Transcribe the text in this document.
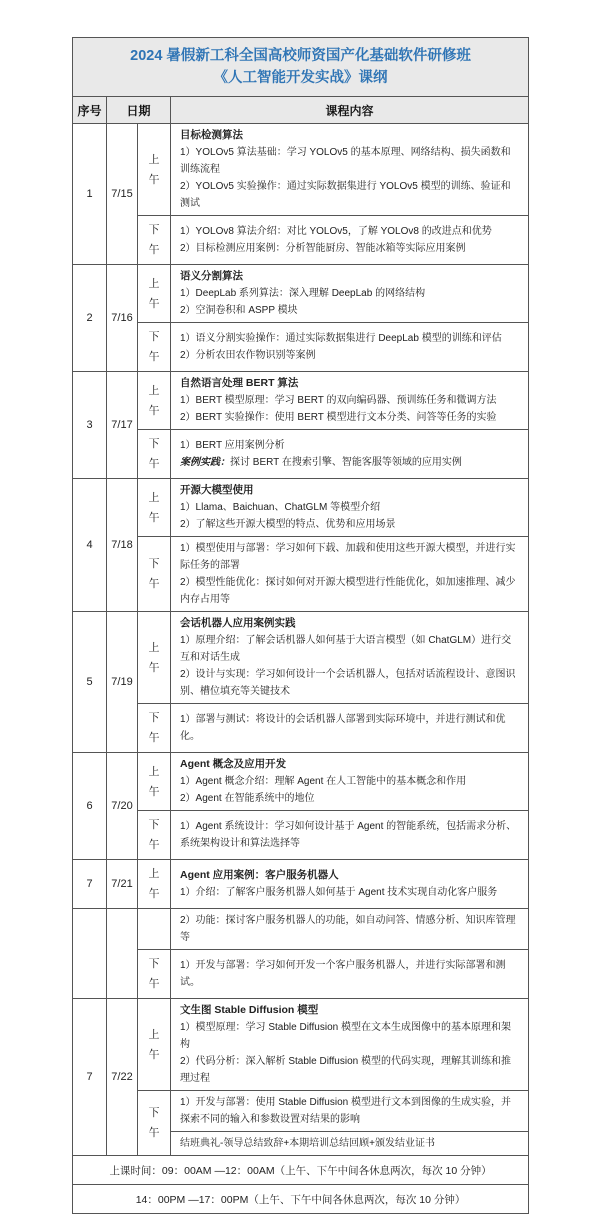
2024 暑假新工科全国高校师资国产化基础软件研修班
《人工智能开发实战》课纲			

序号	日期		课程内容
1	7/15	上午	目标检测算法
1）YOLOv5 算法基础：学习 YOLOv5 的基本原理、网络结构、损失函数和训练流程
2）YOLOv5 实验操作：通过实际数据集进行 YOLOv5 模型的训练、验证和测试

		下午	1）YOLOv8 算法介绍：对比 YOLOv5，了解 YOLOv8 的改进点和优势
2）目标检测应用案例：分析智能厨房、智能冰箱等实际应用案例

2	7/16	上午	语义分割算法
1）DeepLab 系列算法：深入理解 DeepLab 的网络结构
2）空洞卷积和 ASPP 模块

		下午	1）语义分割实验操作：通过实际数据集进行 DeepLab 模型的训练和评估
2）分析农田农作物识别等案例

3	7/17	上午	自然语言处理 BERT 算法
1）BERT 模型原理：学习 BERT 的双向编码器、预训练任务和微调方法
2）BERT 实验操作：使用 BERT 模型进行文本分类、问答等任务的实验

		下午	1）BERT 应用案例分析
案例实践：探讨 BERT 在搜索引擎、智能客服等领域的应用实例

4	7/18	上午	开源大模型使用
1）Llama、Baichuan、ChatGLM 等模型介绍
2）了解这些开源大模型的特点、优势和应用场景

		下午	1）模型使用与部署：学习如何下载、加载和使用这些开源大模型，并进行实际任务的部署
2）模型性能优化：探讨如何对开源大模型进行性能优化，如加速推理、减少内存占用等

5	7/19	上午	会话机器人应用案例实践
1）原理介绍：了解会话机器人如何基于大语言模型（如 ChatGLM）进行交互和对话生成
2）设计与实现：学习如何设计一个会话机器人，包括对话流程设计、意图识别、槽位填充等关键技术

		下午	1）部署与测试：将设计的会话机器人部署到实际环境中，并进行测试和优化。

6	7/20	上午	Agent 概念及应用开发
1）Agent 概念介绍：理解 Agent 在人工智能中的基本概念和作用
2）Agent 在智能系统中的地位

		下午	1）Agent 系统设计：学习如何设计基于 Agent 的智能系统，包括需求分析、系统架构设计和算法选择等

7	7/21	上午	Agent 应用案例：客户服务机器人
1）介绍：了解客户服务机器人如何基于 Agent 技术实现自动化客户服务

			2）功能：探讨客户服务机器人的功能，如自动问答、情感分析、知识库管理等

		下午	1）开发与部署：学习如何开发一个客户服务机器人，并进行实际部署和测试。

7	7/22	上午	文生图 Stable Diffusion 模型
1）模型原理：学习 Stable Diffusion 模型在文本生成图像中的基本原理和架构
2）代码分析：深入解析 Stable Diffusion 模型的代码实现，理解其训练和推理过程

		下午	1）开发与部署：使用 Stable Diffusion 模型进行文本到图像的生成实验，并探索不同的输入和参数设置对结果的影响

			结班典礼-领导总结致辞+本期培训总结回顾+颁发结业证书

上课时间：09：00AM —12：00AM（上午、下午中间各休息两次，每次 10 分钟）			
14：00PM —17：00PM（上午、下午中间各休息两次，每次 10 分钟）			
